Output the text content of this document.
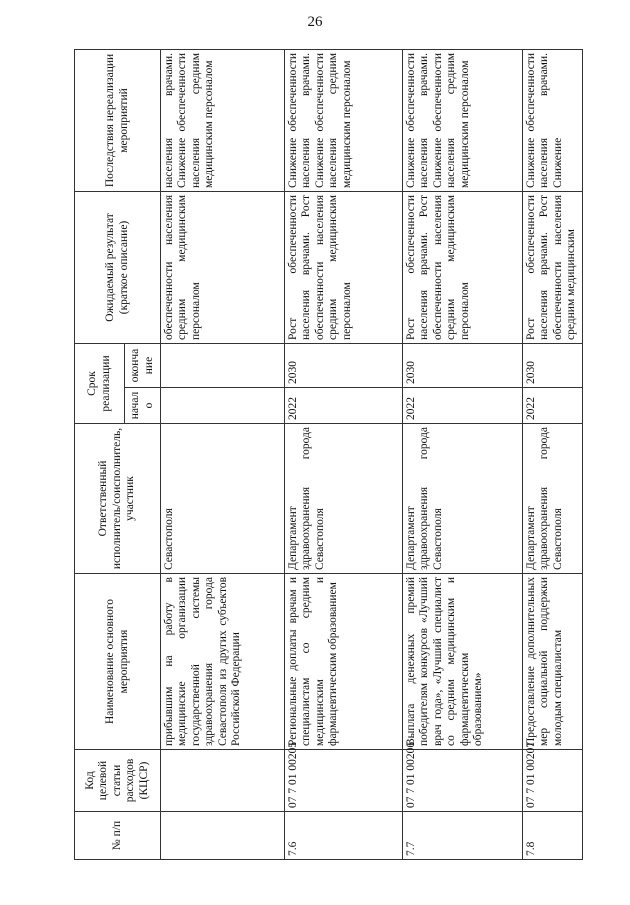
26
№ п/п	Код целевой статьи расходов (КЦСР)	Наименование основного мероприятия	Ответственный исполнитель/соисполнитель, участник	Срок реализации		Ожидаемый результат (краткое описание)	Последствия нереализации мероприятий
				начало	окончание		
		прибывшим на работу в медицинские организации государственной системы здравоохранения города Севастополя из других субъектов Российской Федерации	Севастополя			обеспеченности населения средним медицинским персоналом	населения врачами. Снижение обеспеченности населения средним медицинским персоналом
7.6	07 7 01 00205	Региональные доплаты врачам и специалистам со средним медицинским и фармацевтическим образованием	Департамент здравоохранения города Севастополя	2022	2030	Рост обеспеченности населения врачами. Рост обеспеченности населения средним медицинским персоналом	Снижение обеспеченности населения врачами. Снижение обеспеченности населения средним медицинским персоналом
7.7	07 7 01 00206	Выплата денежных премий победителям конкурсов «Лучший врач года», «Лучший специалист со средним медицинским и фармацевтическим образованием»	Департамент здравоохранения города Севастополя	2022	2030	Рост обеспеченности населения врачами. Рост обеспеченности населения средним медицинским персоналом	Снижение обеспеченности населения врачами. Снижение обеспеченности населения средним медицинским персоналом
7.8	07 7 01 00207	Предоставление дополнительных мер социальной поддержки молодым специалистам	Департамент здравоохранения города Севастополя	2022	2030	Рост обеспеченности населения врачами. Рост обеспеченности населения средним медицинским	Снижение обеспеченности населения врачами. Снижение
